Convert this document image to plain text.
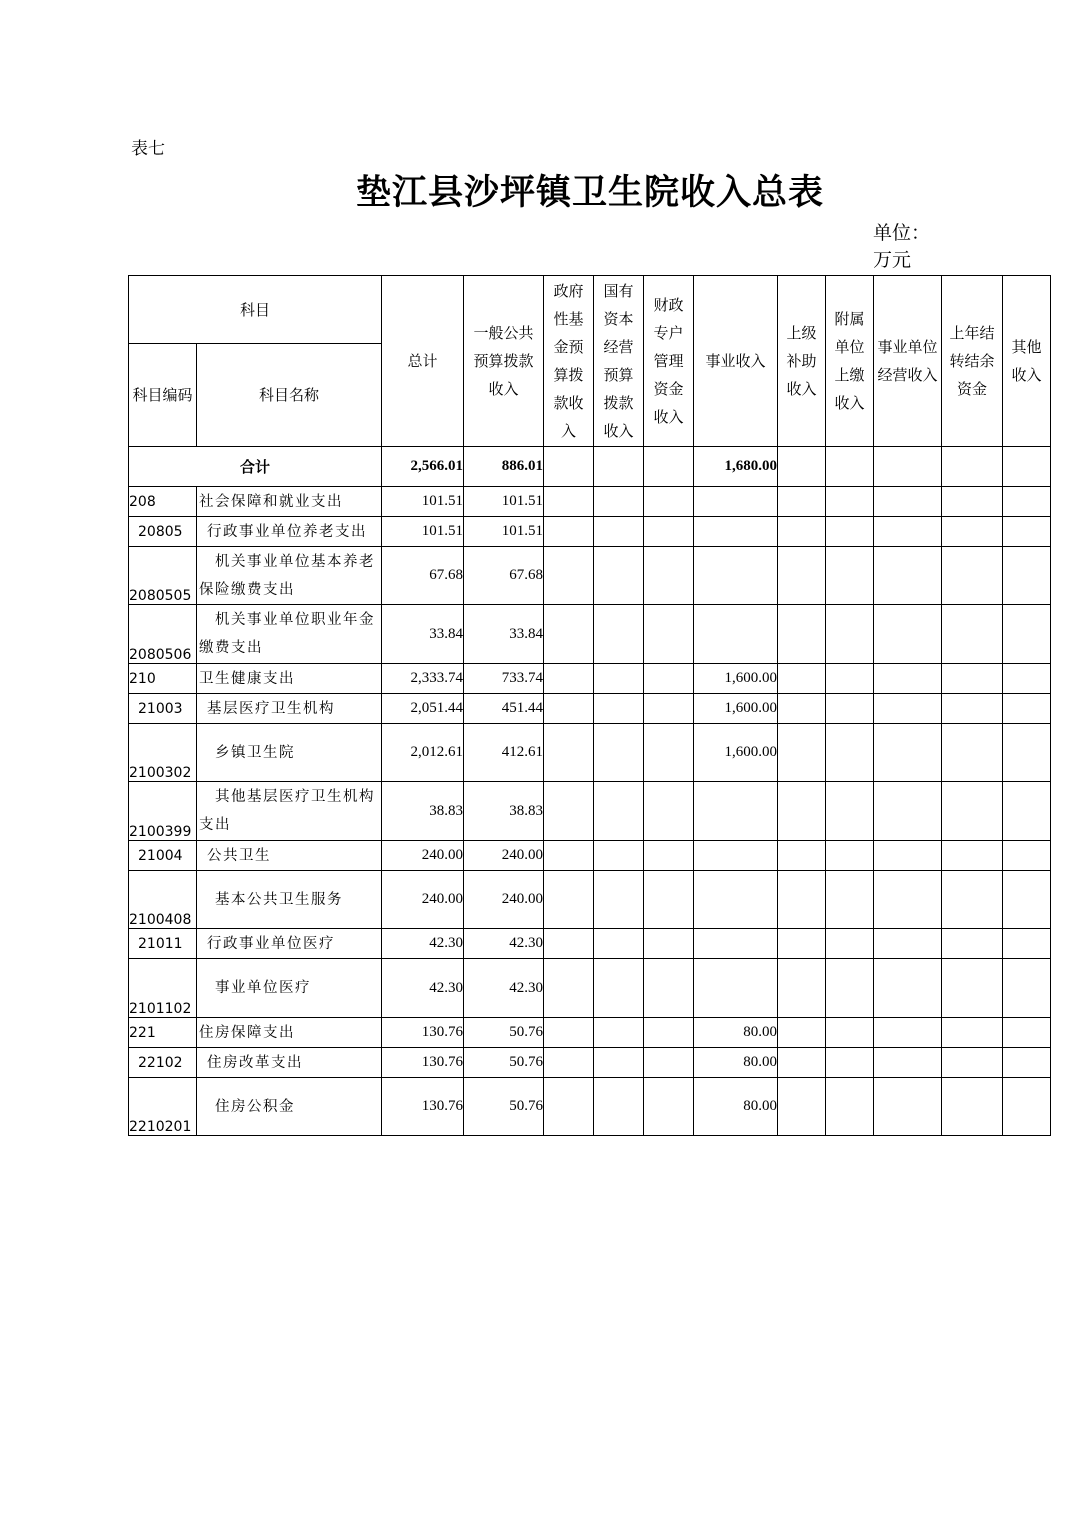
表七
垫江县沙坪镇卫生院收入总表
单位：万元
科目		总计	一般公共预算拨款收入	政府性基金预算拨款收入	国有资本经营预算拨款收入	财政专户管理资金收入	事业收入	上级补助收入	附属单位上缴收入	事业单位经营收入	上年结转结余资金	其他收入
科目编码	科目名称											
合计		2,566.01	886.01				1,680.00					
208	社会保障和就业支出	101.51	101.51									
20805	行政事业单位养老支出	101.51	101.51									
2080505	机关事业单位基本养老保险缴费支出	67.68	67.68									
2080506	机关事业单位职业年金缴费支出	33.84	33.84									
210	卫生健康支出	2,333.74	733.74				1,600.00					
21003	基层医疗卫生机构	2,051.44	451.44				1,600.00					
2100302	乡镇卫生院	2,012.61	412.61				1,600.00					
2100399	其他基层医疗卫生机构支出	38.83	38.83									
21004	公共卫生	240.00	240.00									
2100408	基本公共卫生服务	240.00	240.00									
21011	行政事业单位医疗	42.30	42.30									
2101102	事业单位医疗	42.30	42.30									
221	住房保障支出	130.76	50.76				80.00					
22102	住房改革支出	130.76	50.76				80.00					
2210201	住房公积金	130.76	50.76				80.00					
